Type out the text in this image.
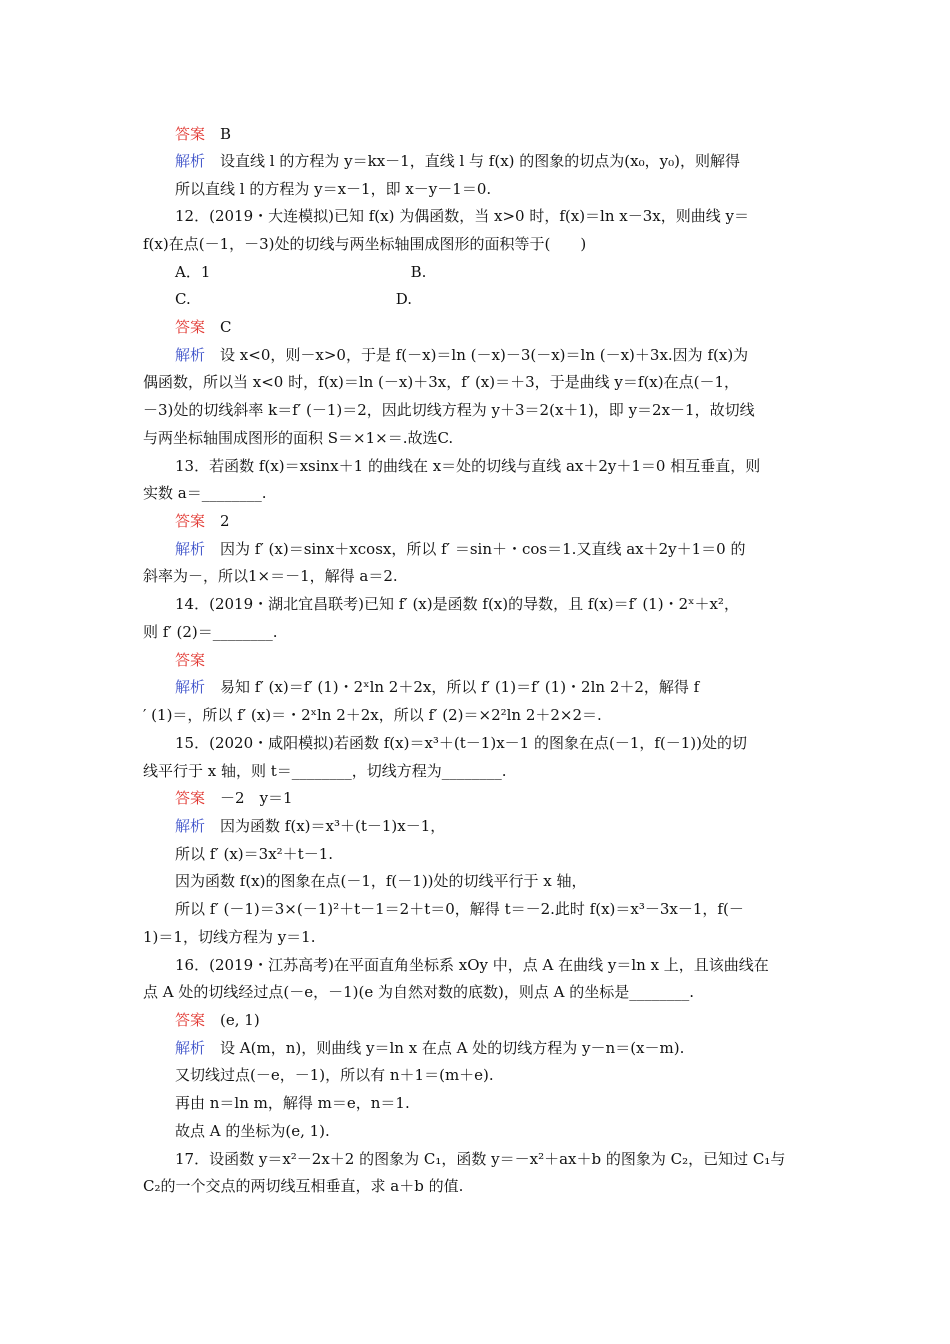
答案　 B
解析　 设直线 l 的方程为 y＝kx－1，直线 l 与 f(x) 的图象的切点为(x₀，y₀)，则解得
所以直线 l 的方程为 y＝x－1，即 x－y－1＝0.
12．(2019・大连模拟)已知 f(x) 为偶函数，当 x>0 时，f(x)＝ln x－3x，则曲线 y＝
f(x)在点(－1，－3)处的切线与两坐标轴围成图形的面积等于(　　)
A．1                                          B.
C.                                           D.
答案　 C
解析　 设 x<0，则－x>0，于是 f(－x)＝ln (－x)－3(－x)＝ln (－x)＋3x.因为 f(x)为
偶函数，所以当 x<0 时，f(x)＝ln (－x)＋3x，f′ (x)＝＋3，于是曲线 y＝f(x)在点(－1，
－3)处的切线斜率 k＝f′ (－1)＝2，因此切线方程为 y＋3＝2(x＋1)，即 y＝2x－1，故切线
与两坐标轴围成图形的面积 S＝×1×＝.故选C.
13．若函数 f(x)＝xsinx＋1 的曲线在 x＝处的切线与直线 ax＋2y＋1＝0 相互垂直，则
实数 a＝________.
答案　 2
解析　 因为 f′ (x)＝sinx＋xcosx，所以 f′ ＝sin＋・cos＝1.又直线 ax＋2y＋1＝0 的
斜率为－，所以1×＝－1，解得 a＝2.
14．(2019・湖北宜昌联考)已知 f′ (x)是函数 f(x)的导数，且 f(x)＝f′ (1)・2ˣ＋x²，
则 f′ (2)＝________.
答案　
解析　 易知 f′ (x)＝f′ (1)・2ˣln 2＋2x，所以 f′ (1)＝f′ (1)・2ln 2＋2，解得 f
′ (1)＝，所以 f′ (x)＝・2ˣln 2＋2x，所以 f′ (2)＝×2²ln 2＋2×2＝.
15．(2020・咸阳模拟)若函数 f(x)＝x³＋(t－1)x－1 的图象在点(－1，f(－1))处的切
线平行于 x 轴，则 t＝________，切线方程为________.
答案　 －2　y＝1
解析　 因为函数 f(x)＝x³＋(t－1)x－1，
所以 f′ (x)＝3x²＋t－1.
因为函数 f(x)的图象在点(－1，f(－1))处的切线平行于 x 轴，
所以 f′ (－1)＝3×(－1)²＋t－1＝2＋t＝0，解得 t＝－2.此时 f(x)＝x³－3x－1，f(－
1)＝1，切线方程为 y＝1.
16．(2019・江苏高考)在平面直角坐标系 xOy 中，点 A 在曲线 y＝ln x 上，且该曲线在
点 A 处的切线经过点(－e，－1)(e 为自然对数的底数)，则点 A 的坐标是________.
答案　 (e, 1)
解析　 设 A(m，n)，则曲线 y＝ln x 在点 A 处的切线方程为 y－n＝(x－m).
又切线过点(－e，－1)，所以有 n＋1＝(m＋e).
再由 n＝ln m，解得 m＝e，n＝1.
故点 A 的坐标为(e, 1).
17．设函数 y＝x²－2x＋2 的图象为 C₁，函数 y＝－x²＋ax＋b 的图象为 C₂，已知过 C₁与
C₂的一个交点的两切线互相垂直，求 a＋b 的值.
